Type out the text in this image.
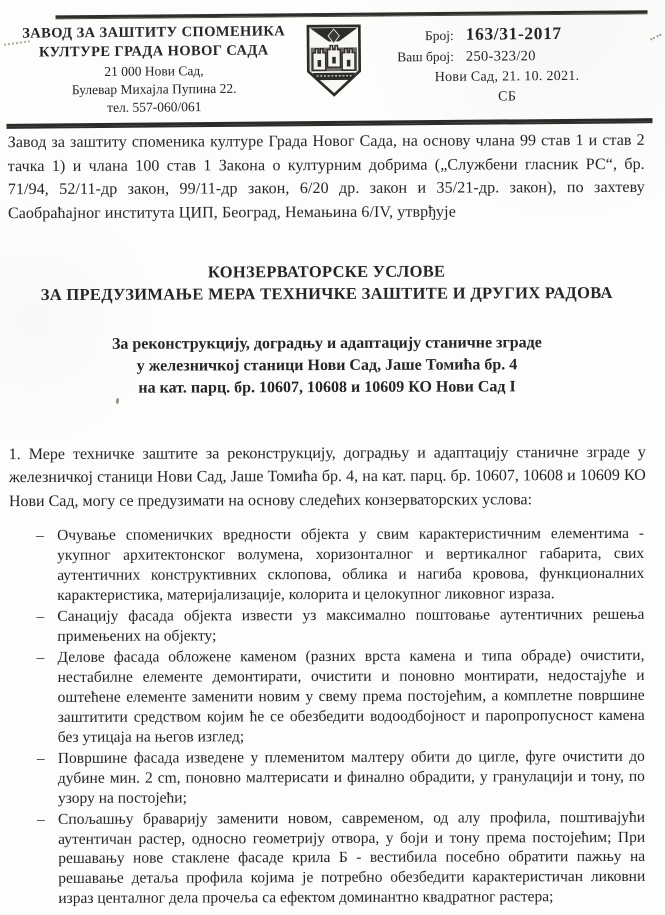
ЗАВОД ЗА ЗАШТИТУ СПОМЕНИКА
КУЛТУРЕ ГРАДА НОВОГ САДА
21 000 Нови Сад,
Булевар Михајла Пупина 22.
тел. 557-060/061
Број: 163/31-2017
Ваш број: 250-323/20
Нови Сад, 21. 10. 2021.
СБ

Завод за заштиту споменика културе Града Новог Сада, на основу члана 99 став 1 и став 2 тачка 1) и члана 100 став 1 Закона о културним добрима („Службени гласник РС“, бр. 71/94, 52/11-др закон, 99/11-др закон, 6/20 др. закон и 35/21-др. закон), по захтеву Саобраћајног института ЦИП, Београд, Немањина 6/IV, утврђује

КОНЗЕРВАТОРСКЕ УСЛОВЕ
ЗА ПРЕДУЗИМАЊЕ МЕРА ТЕХНИЧКЕ ЗАШТИТЕ И ДРУГИХ РАДОВА
За реконструкцију, доградњу и адаптацију станичне зграде
у железничкој станици Нови Сад, Јаше Томића бр. 4
на кат. парц. бр. 10607, 10608 и 10609 КО Нови Сад I

1. Мере техничке заштите за реконструкцију, доградњу и адаптацију станичне зграде у железничкој станици Нови Сад, Јаше Томића бр. 4, на кат. парц. бр. 10607, 10608 и 10609 КО Нови Сад, могу се предузимати на основу следећих конзерваторских услова:

– Очување споменичких вредности објекта у свим карактеристичним елементима - укупног архитектонског волумена, хоризонталног и вертикалног габарита, свих аутентичних конструктивних склопова, облика и нагиба кровова, функционалних карактеристика, материјализације, колорита и целокупног ликовног израза.

– Санацију фасада објекта извести уз максимално поштовање аутентичних решења примењених на објекту;

– Делове фасада обложене каменом (разних врста камена и типа обраде) очистити, нестабилне елементе демонтирати, очистити и поновно монтирати, недостајуће и оштећене елементе заменити новим у свему према постојећим, а комплетне површине заштитити средством којим ће се обезбедити водоодбојност и паропропусност камена без утицаја на његов изглед;

– Површине фасада изведене у племенитом малтеру обити до цигле, фуге очистити до дубине мин. 2 cm, поновно малтерисати и финално обрадити, у гранулацији и тону, по узору на постојећи;

– Спољашњу браварију заменити новом, савременом, од алу профила, поштивајући аутентичан растер, односно геометрију отвора, у боји и тону према постојећим; При решавању нове стаклене фасаде крила Б - вестибила посебно обратити пажњу на решавање детаља профила којима је потребно обезбедити карактеристичан ликовни израз центалног дела прочеља са ефектом доминантно квадратног растера;
